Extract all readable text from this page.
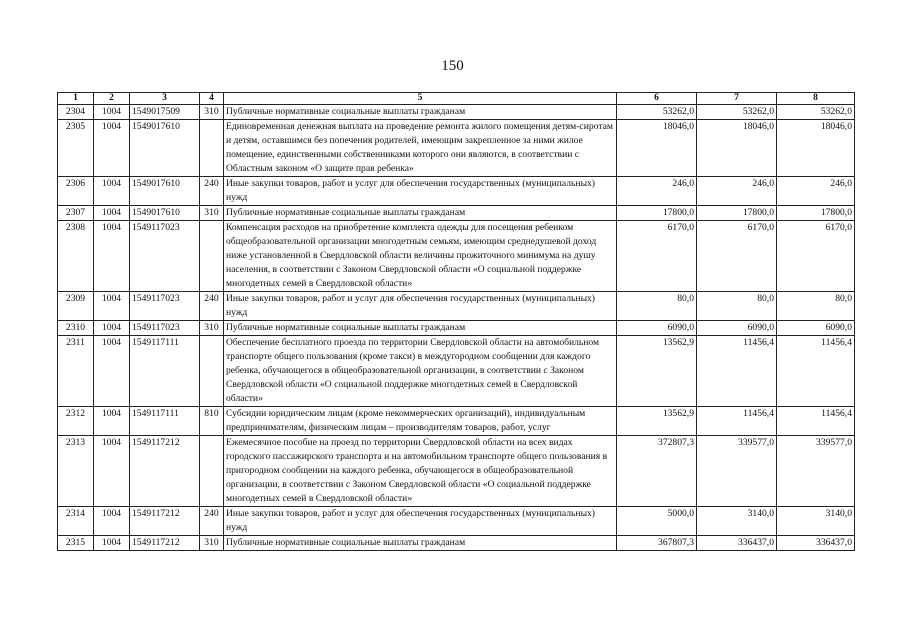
150
1	2	3	4	5	6	7	8
2304	1004	1549017509	310	Публичные нормативные социальные выплаты гражданам	53262,0	53262,0	53262,0
2305	1004	1549017610		Единовременная денежная выплата на проведение ремонта жилого помещения детям-сиротам и детям, оставшимся без попечения родителей, имеющим закрепленное за ними жилое помещение, единственными собственниками которого они являются, в соответствии с Областным законом «О защите прав ребенка»	18046,0	18046,0	18046,0
2306	1004	1549017610	240	Иные закупки товаров, работ и услуг для обеспечения государственных (муниципальных) нужд	246,0	246,0	246,0
2307	1004	1549017610	310	Публичные нормативные социальные выплаты гражданам	17800,0	17800,0	17800,0
2308	1004	1549117023		Компенсация расходов на приобретение комплекта одежды для посещения ребенком общеобразовательной организации многодетным семьям, имеющим среднедушевой доход ниже установленной в Свердловской области величины прожиточного минимума на душу населения, в соответствии с Законом Свердловской области «О социальной поддержке многодетных семей в Свердловской области»	6170,0	6170,0	6170,0
2309	1004	1549117023	240	Иные закупки товаров, работ и услуг для обеспечения государственных (муниципальных) нужд	80,0	80,0	80,0
2310	1004	1549117023	310	Публичные нормативные социальные выплаты гражданам	6090,0	6090,0	6090,0
2311	1004	1549117111		Обеспечение бесплатного проезда по территории Свердловской области на автомобильном транспорте общего пользования (кроме такси) в междугородном сообщении для каждого ребенка, обучающегося в общеобразовательной организации, в соответствии с Законом Свердловской области «О социальной поддержке многодетных семей в Свердловской области»	13562,9	11456,4	11456,4
2312	1004	1549117111	810	Субсидии юридическим лицам (кроме некоммерческих организаций), индивидуальным предпринимателям, физическим лицам – производителям товаров, работ, услуг	13562,9	11456,4	11456,4
2313	1004	1549117212		Ежемесячное пособие на проезд по территории Свердловской области на всех видах городского пассажирского транспорта и на автомобильном транспорте общего пользования в пригородном сообщении на каждого ребенка, обучающегося в общеобразовательной организации, в соответствии с Законом Свердловской области «О социальной поддержке многодетных семей в Свердловской области»	372807,3	339577,0	339577,0
2314	1004	1549117212	240	Иные закупки товаров, работ и услуг для обеспечения государственных (муниципальных) нужд	5000,0	3140,0	3140,0
2315	1004	1549117212	310	Публичные нормативные социальные выплаты гражданам	367807,3	336437,0	336437,0
